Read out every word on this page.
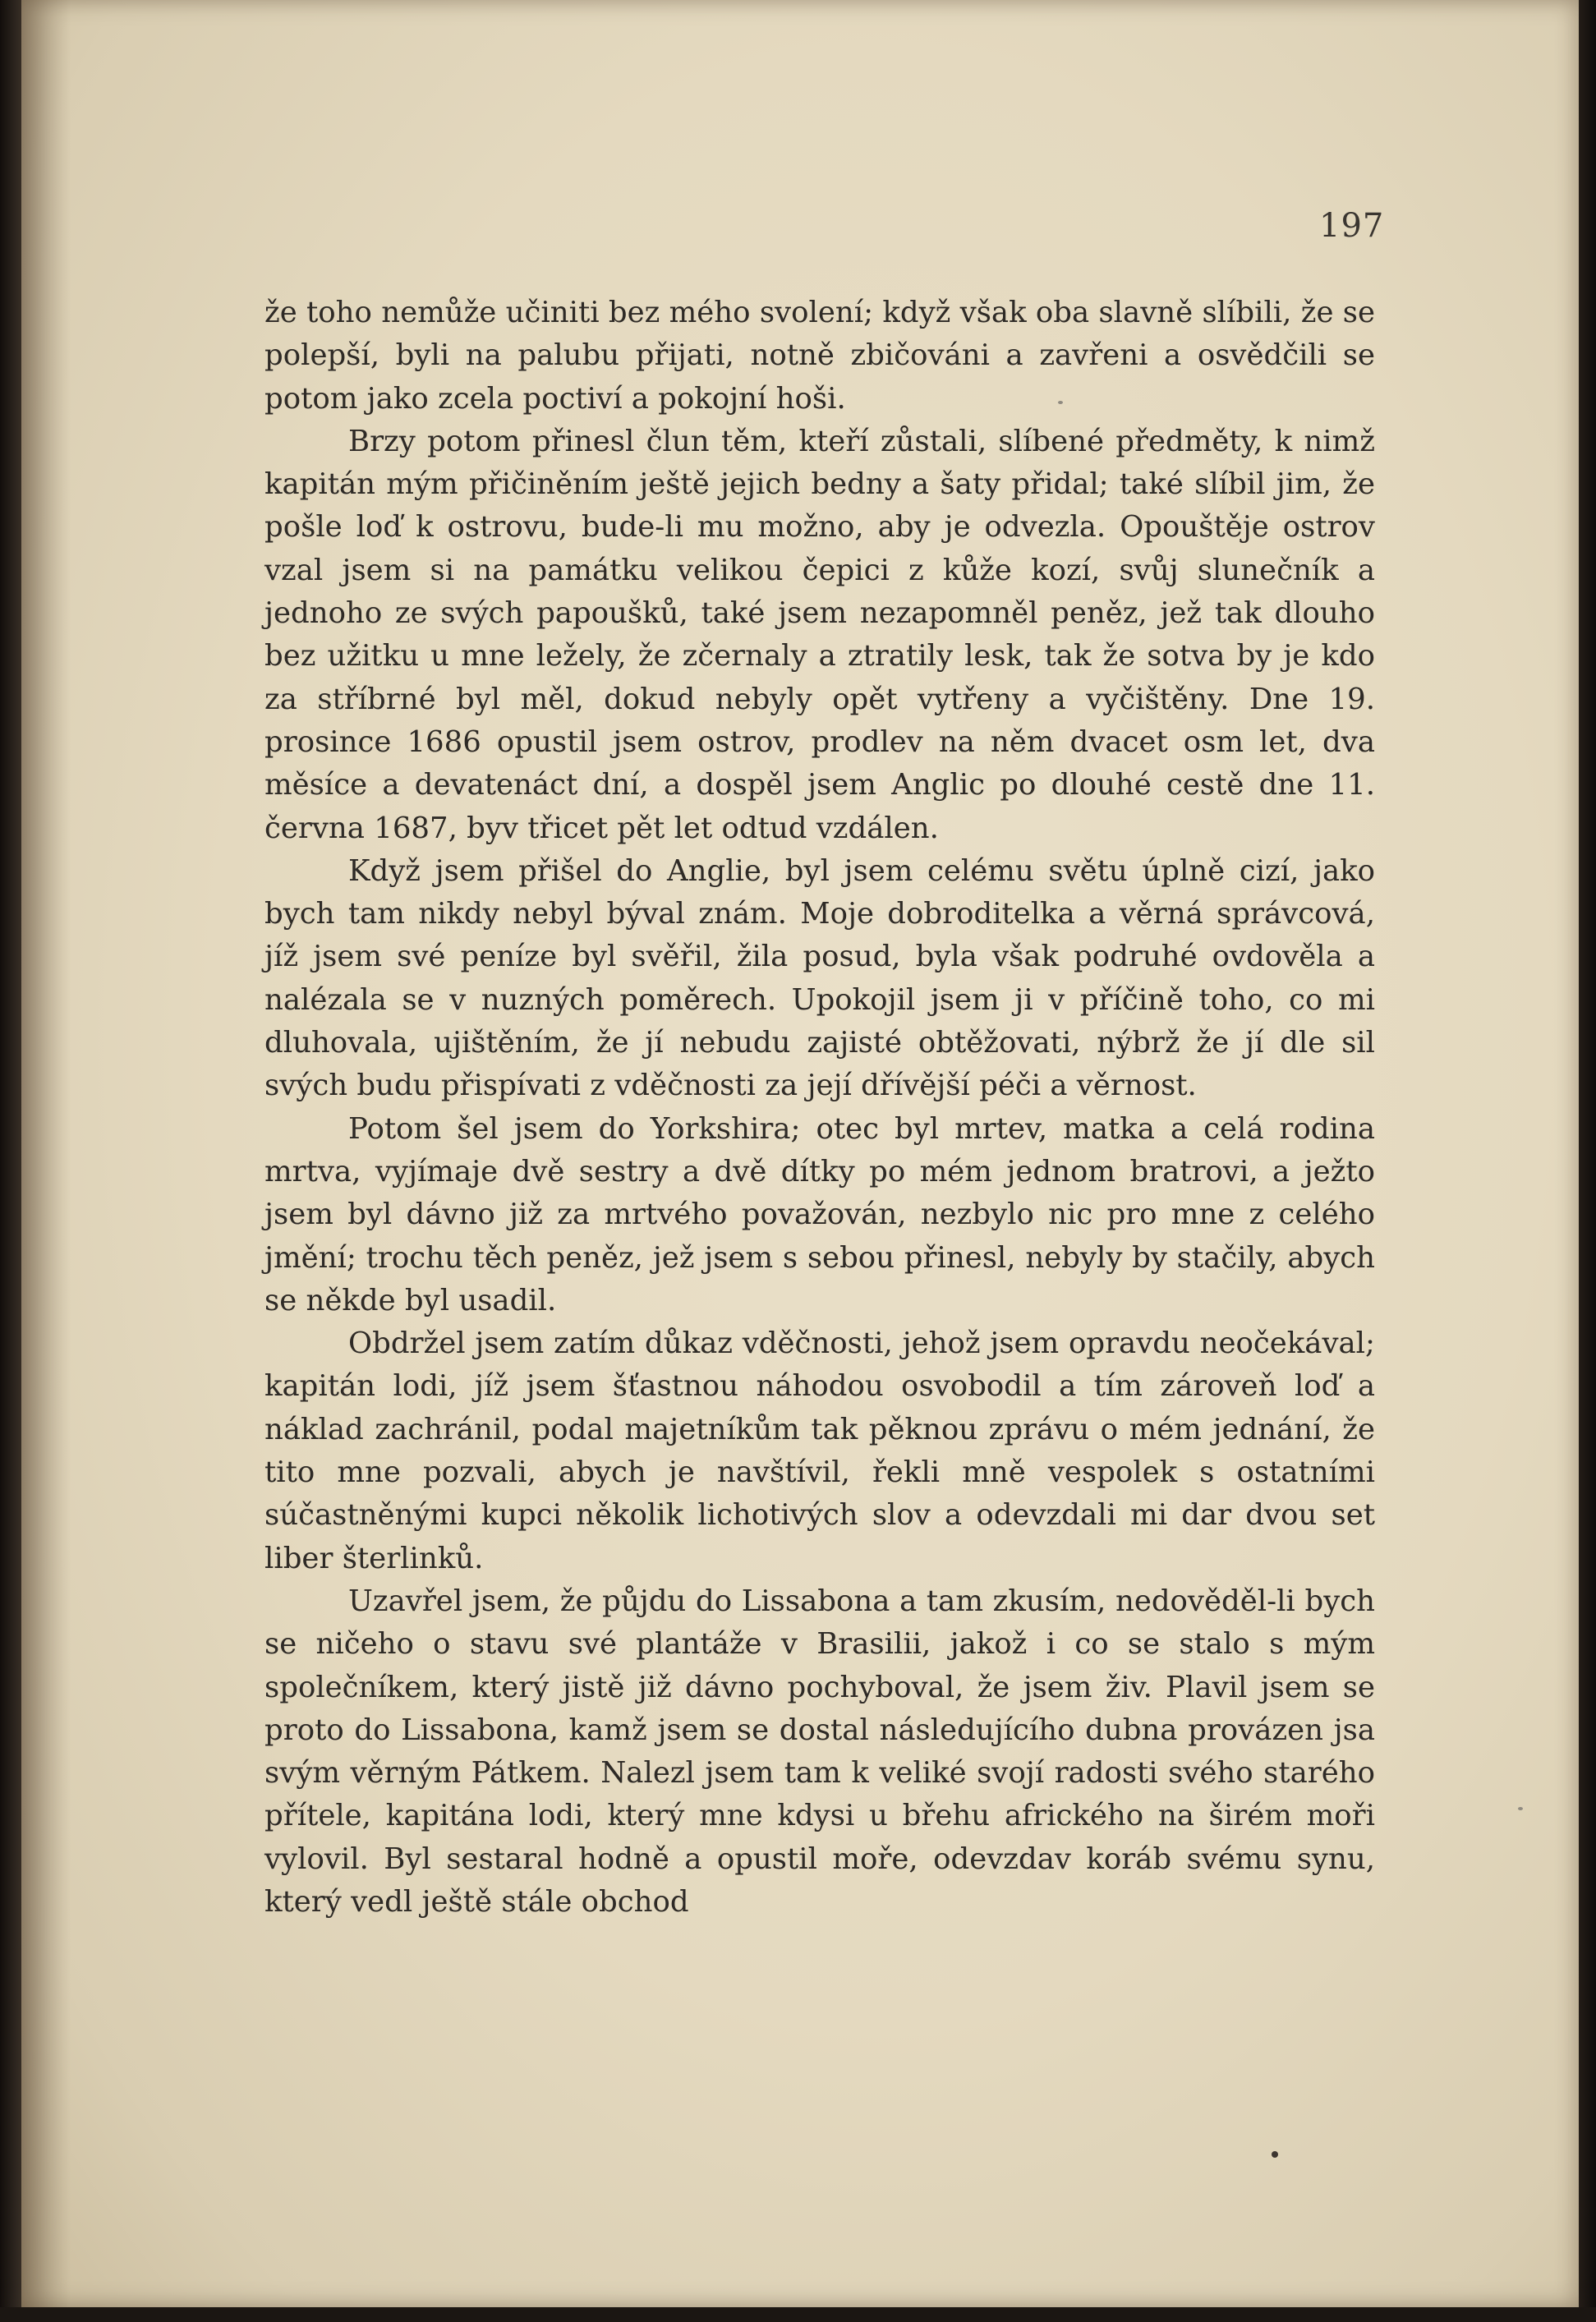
197

že toho nemůže učiniti bez mého svolení; když však oba slavně slíbili, že se polepší, byli na palubu přijati, notně zbičováni a zavřeni a osvědčili se potom jako zcela poctiví a pokojní hoši.

Brzy potom přinesl člun těm, kteří zůstali, slíbené předměty, k nimž kapitán mým přičiněním ještě jejich bedny a šaty přidal; také slíbil jim, že pošle loď k ostrovu, bude-li mu možno, aby je odvezla. Opouštěje ostrov vzal jsem si na památku velikou čepici z kůže kozí, svůj slunečník a jednoho ze svých papoušků, také jsem nezapomněl peněz, jež tak dlouho bez užitku u mne ležely, že zčernaly a ztratily lesk, tak že sotva by je kdo za stříbrné byl měl, dokud nebyly opět vytřeny a vyčištěny. Dne 19. prosince 1686 opustil jsem ostrov, prodlev na něm dvacet osm let, dva měsíce a devatenáct dní, a dospěl jsem Anglic po dlouhé cestě dne 11. června 1687, byv třicet pět let odtud vzdálen.

Když jsem přišel do Anglie, byl jsem celému světu úplně cizí, jako bych tam nikdy nebyl býval znám. Moje dobroditelka a věrná správcová, jíž jsem své peníze byl svěřil, žila posud, byla však podruhé ovdověla a nalézala se v nuzných poměrech. Upokojil jsem ji v příčině toho, co mi dluhovala, ujištěním, že jí nebudu zajisté obtěžovati, nýbrž že jí dle sil svých budu přispívati z vděčnosti za její dřívější péči a věrnost.

Potom šel jsem do Yorkshira; otec byl mrtev, matka a celá rodina mrtva, vyjímaje dvě sestry a dvě dítky po mém jednom bratrovi, a ježto jsem byl dávno již za mrtvého považován, nezbylo nic pro mne z celého jmění; trochu těch peněz, jež jsem s sebou přinesl, nebyly by stačily, abych se někde byl usadil.

Obdržel jsem zatím důkaz vděčnosti, jehož jsem opravdu neočekával; kapitán lodi, jíž jsem šťastnou náhodou osvobodil a tím zároveň loď a náklad zachránil, podal majetníkům tak pěknou zprávu o mém jednání, že tito mne pozvali, abych je navštívil, řekli mně vespolek s ostatními súčastněnými kupci několik lichotivých slov a odevzdali mi dar dvou set liber šterlinků.

Uzavřel jsem, že půjdu do Lissabona a tam zkusím, nedověděl-li bych se ničeho o stavu své plantáže v Brasilii, jakož i co se stalo s mým společníkem, který jistě již dávno pochyboval, že jsem živ. Plavil jsem se proto do Lissabona, kamž jsem se dostal následujícího dubna provázen jsa svým věrným Pátkem. Nalezl jsem tam k veliké svojí radosti svého starého přítele, kapitána lodi, který mne kdysi u břehu afrického na širém moři vylovil. Byl sestaral hodně a opustil moře, odevzdav koráb svému synu, který vedl ještě stále obchod
